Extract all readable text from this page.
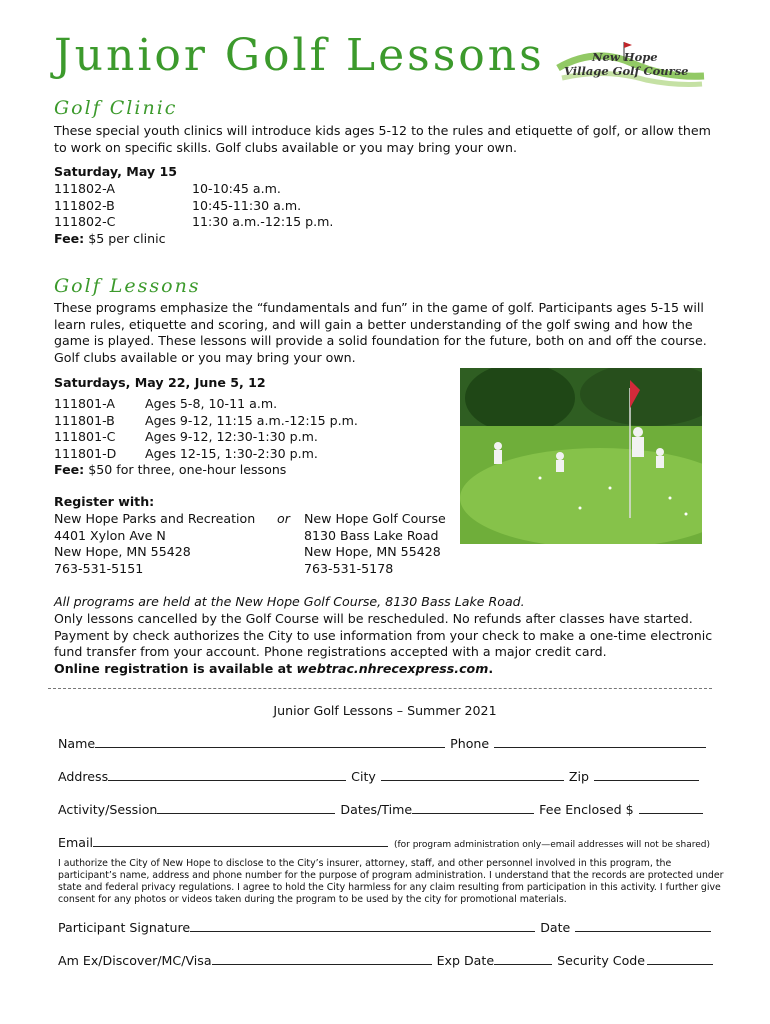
Junior Golf Lessons	New Hope
Village Golf Course
Golf Clinic
These special youth clinics will introduce kids ages 5-12 to the rules and etiquette of golf, or allow them
to work on specific skills. Golf clubs available or you may bring your own.
Saturday, May 15
111802-A	10-10:45 a.m.
111802-B	10:45-11:30 a.m.
111802-C	11:30 a.m.-12:15 p.m.
Fee: $5 per clinic
Golf Lessons
These programs emphasize the “fundamentals and fun” in the game of golf. Participants ages 5-15 will
learn rules, etiquette and scoring, and will gain a better understanding of the golf swing and how the
game is played. These lessons will provide a solid foundation for the future, both on and off the course.
Golf clubs available or you may bring your own.
Saturdays, May 22, June 5, 12
111801-A Ages 5-8, 10-11 a.m.
111801-B Ages 9-12, 11:15 a.m.-12:15 p.m.
111801-C Ages 9-12, 12:30-1:30 p.m.
111801-D Ages 12-15, 1:30-2:30 p.m.
Fee: $50 for three, one-hour lessons
Register with:
New Hope Parks and Recreation
4401 Xylon Ave N
New Hope, MN 55428
763-531-5151
or New Hope Golf Course
8130 Bass Lake Road
New Hope, MN 55428
763-531-5178
All programs are held at the New Hope Golf Course, 8130 Bass Lake Road.
Only lessons cancelled by the Golf Course will be rescheduled. No refunds after classes have started.
Payment by check authorizes the City to use information from your check to make a one-time electronic
fund transfer from your account. Phone registrations accepted with a major credit card.
Online registration is available at webtrac.nhrecexpress.com.
Junior Golf Lessons – Summer 2021
Name	Phone
Address	City	Zip
Activity/Session	Dates/Time	Fee Enclosed $
Email	(for program administration only—email addresses will not be shared)
I authorize the City of New Hope to disclose to the City’s insurer, attorney, staff, and other personnel involved in this program, the
participant’s name, address and phone number for the purpose of program administration. I understand that the records are protected under
state and federal privacy regulations. I agree to hold the City harmless for any claim resulting from participation in this activity. I further give
consent for any photos or videos taken during the program to be used by the city for promotional materials.
Participant Signature	Date
Am Ex/Discover/MC/Visa	Exp Date	Security Code
